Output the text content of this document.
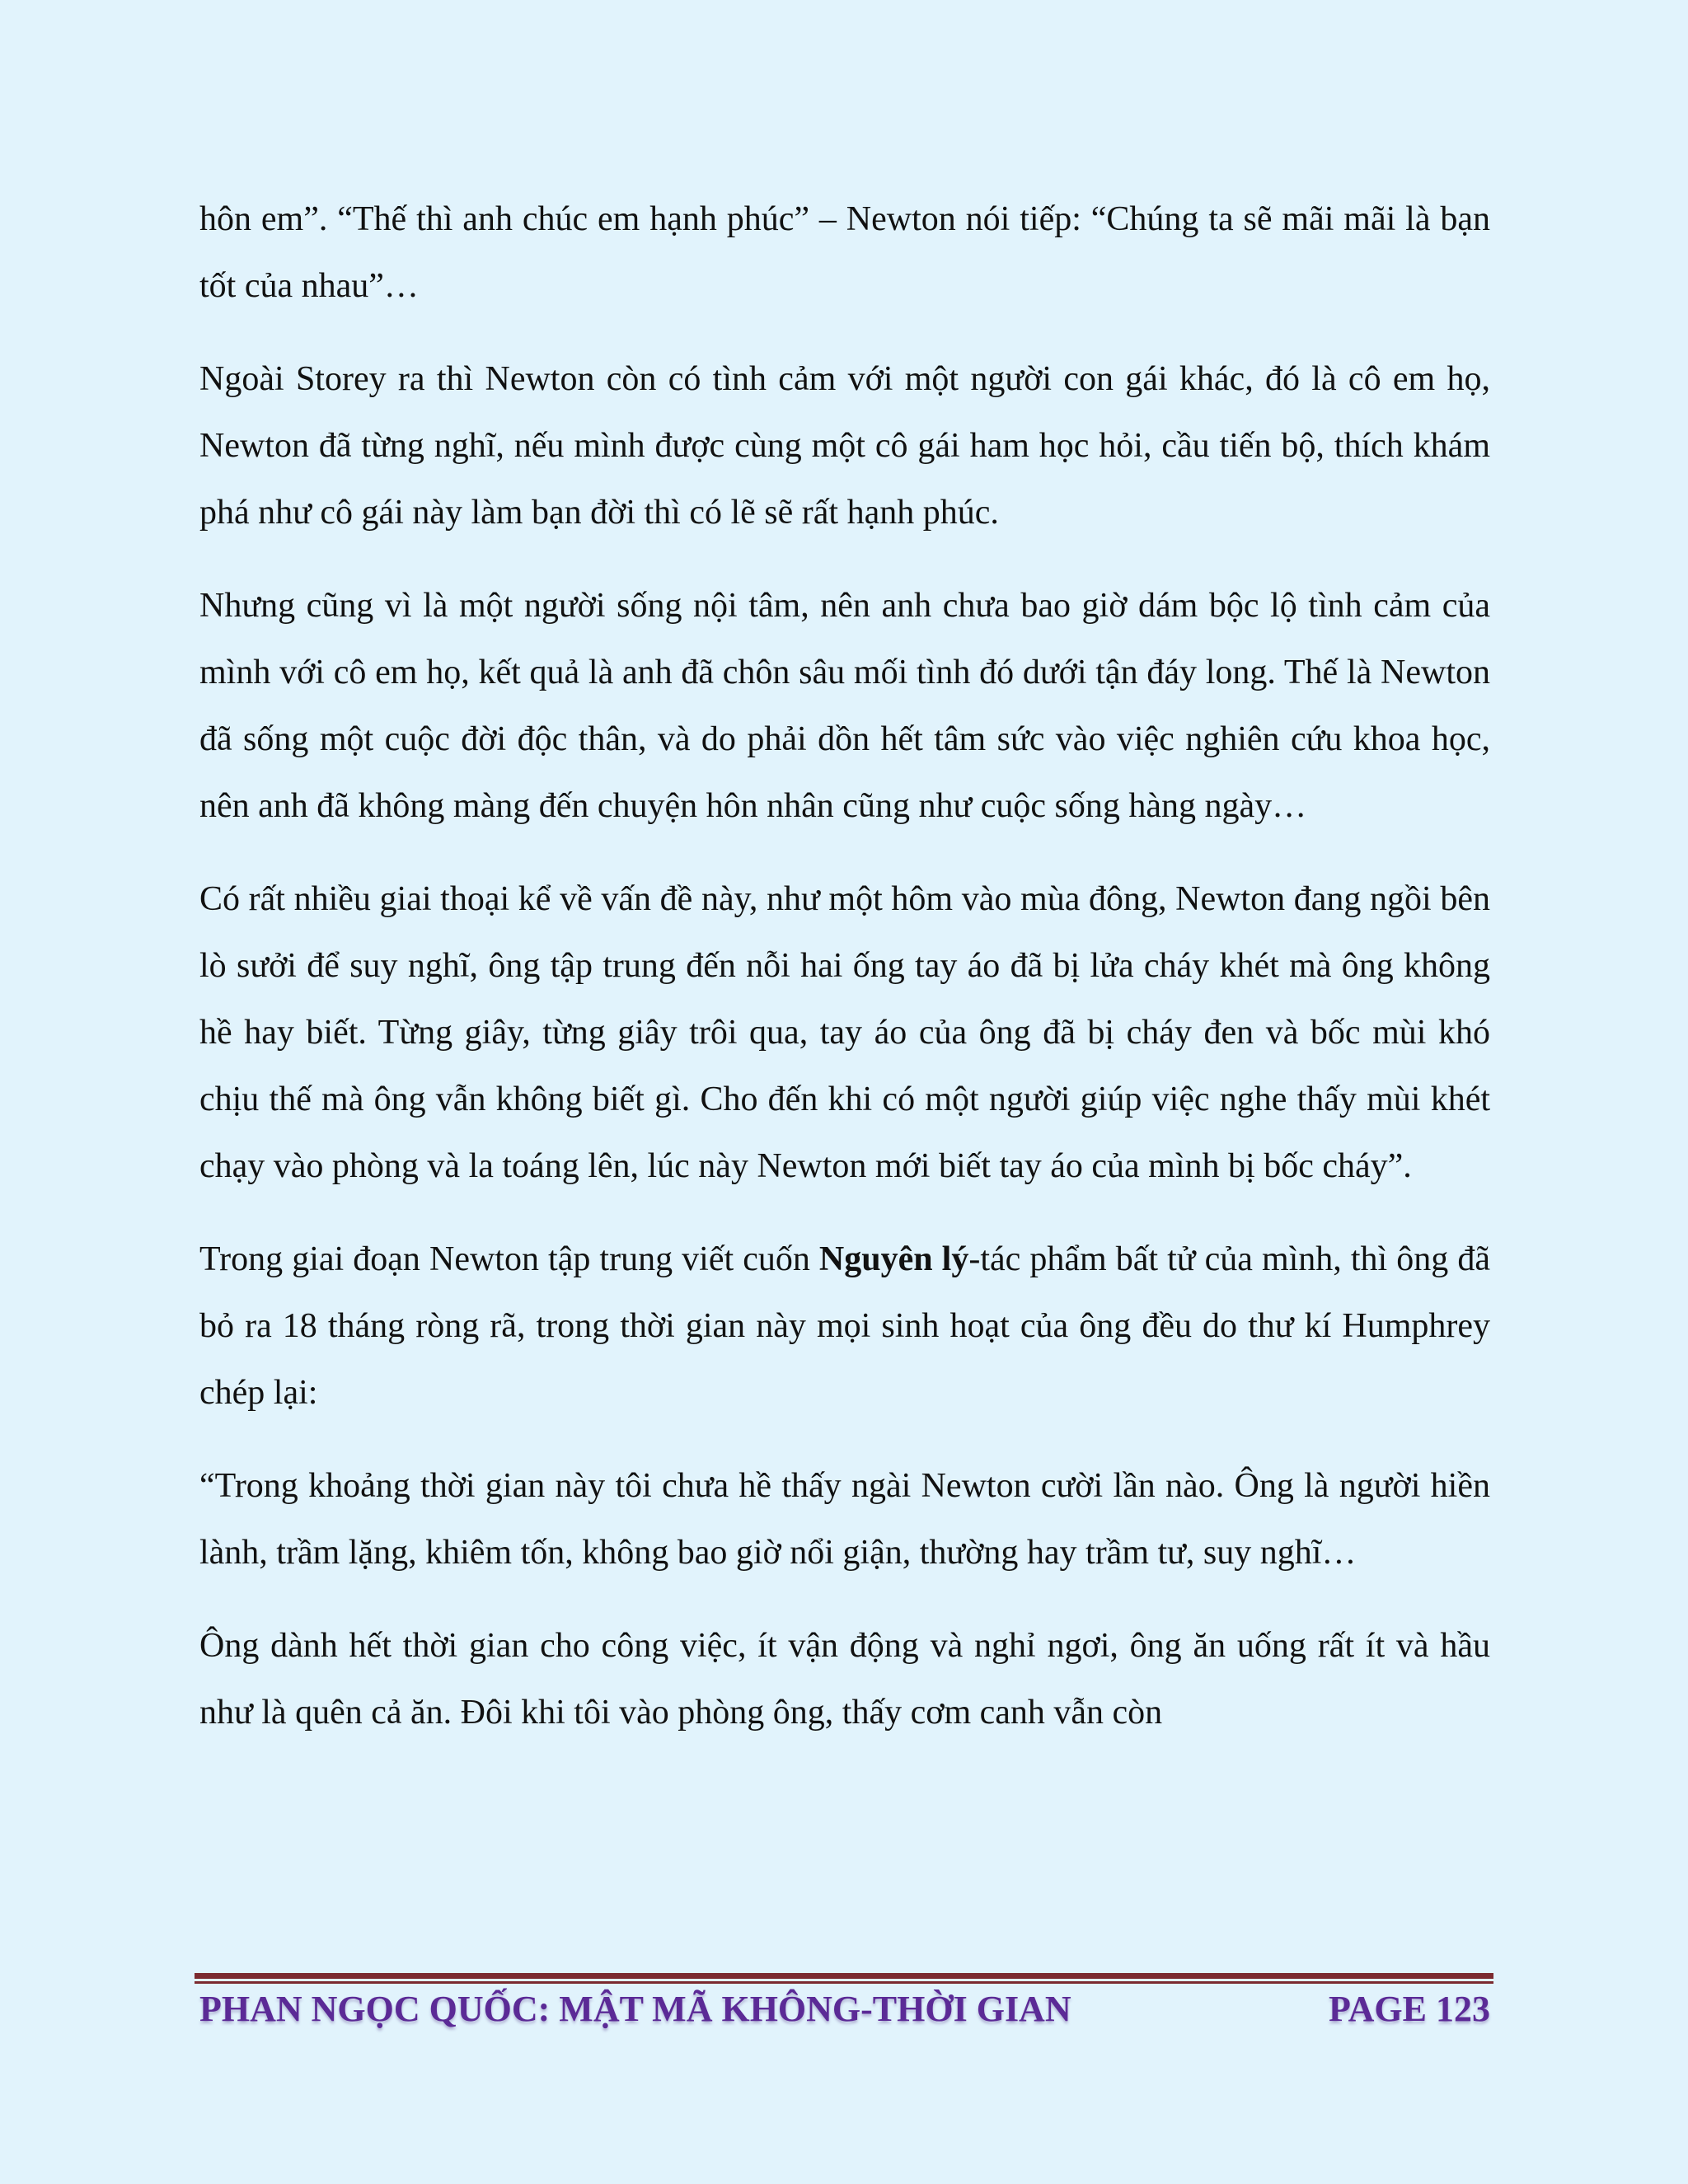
hôn em”. “Thế thì anh chúc em hạnh phúc” – Newton nói tiếp: “Chúng ta sẽ mãi mãi là bạn tốt của nhau”…

Ngoài Storey ra thì Newton còn có tình cảm với một người con gái khác, đó là cô em họ, Newton đã từng nghĩ, nếu mình được cùng một cô gái ham học hỏi, cầu tiến bộ, thích khám phá như cô gái này làm bạn đời thì có lẽ sẽ rất hạnh phúc.

Nhưng cũng vì là một người sống nội tâm, nên anh chưa bao giờ dám bộc lộ tình cảm của mình với cô em họ, kết quả là anh đã chôn sâu mối tình đó dưới tận đáy long. Thế là Newton đã sống một cuộc đời độc thân, và do phải dồn hết tâm sức vào việc nghiên cứu khoa học, nên anh đã không màng đến chuyện hôn nhân cũng như cuộc sống hàng ngày…

Có rất nhiều giai thoại kể về vấn đề này, như một hôm vào mùa đông, Newton đang ngồi bên lò sưởi để suy nghĩ, ông tập trung đến nỗi hai ống tay áo đã bị lửa cháy khét mà ông không hề hay biết. Từng giây, từng giây trôi qua, tay áo của ông đã bị cháy đen và bốc mùi khó chịu thế mà ông vẫn không biết gì. Cho đến khi có một người giúp việc nghe thấy mùi khét chạy vào phòng và la toáng lên, lúc này Newton mới biết tay áo của mình bị bốc cháy”.

Trong giai đoạn Newton tập trung viết cuốn Nguyên lý-tác phẩm bất tử của mình, thì ông đã bỏ ra 18 tháng ròng rã, trong thời gian này mọi sinh hoạt của ông đều do thư kí Humphrey chép lại:

“Trong khoảng thời gian này tôi chưa hề thấy ngài Newton cười lần nào. Ông là người hiền lành, trầm lặng, khiêm tốn, không bao giờ nổi giận, thường hay trầm tư, suy nghĩ…

Ông dành hết thời gian cho công việc, ít vận động và nghỉ ngơi, ông ăn uống rất ít và hầu như là quên cả ăn. Đôi khi tôi vào phòng ông, thấy cơm canh vẫn còn

PHAN NGỌC QUỐC: MẬT MÃ KHÔNG-THỜI GIAN	PAGE 123
